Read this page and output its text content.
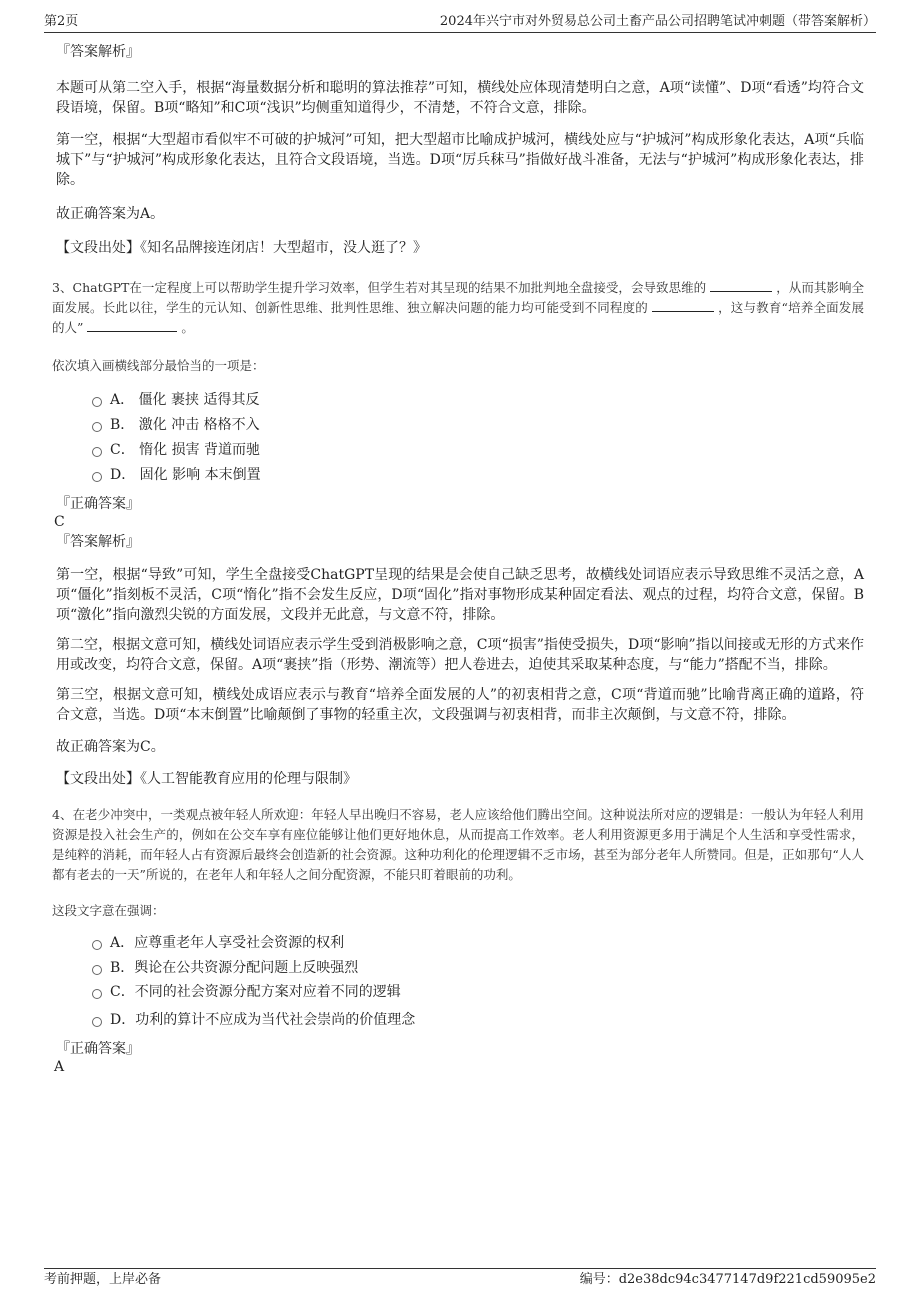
第2页	2024年兴宁市对外贸易总公司土畜产品公司招聘笔试冲刺题（带答案解析）

『答案解析』

本题可从第二空入手，根据“海量数据分析和聪明的算法推荐”可知，横线处应体现清楚明白之意，A项“读懂”、D项“看透”均符合文段语境，保留。B项“略知”和C项“浅识”均侧重知道得少，不清楚，不符合文意，排除。

第一空，根据“大型超市看似牢不可破的护城河”可知，把大型超市比喻成护城河，横线处应与“护城河”构成形象化表达，A项“兵临城下”与“护城河”构成形象化表达，且符合文段语境，当选。D项“厉兵秣马”指做好战斗准备，无法与“护城河”构成形象化表达，排除。

故正确答案为A。

【文段出处】《知名品牌接连闭店！大型超市，没人逛了？》

3、ChatGPT在一定程度上可以帮助学生提升学习效率，但学生若对其呈现的结果不加批判地全盘接受，会导致思维的	，从而其影响全面发展。长此以往，学生的元认知、创新性思维、批判性思维、独立解决问题的能力均可能受到不同程度的	，这与教育“培养全面发展的人”	。

依次填入画横线部分最恰当的一项是：

A． 僵化 裹挟 适得其反
B． 激化 冲击 格格不入
C． 惰化 损害 背道而驰
D． 固化 影响 本末倒置

『正确答案』

C

『答案解析』

第一空，根据“导致”可知，学生全盘接受ChatGPT呈现的结果是会使自己缺乏思考，故横线处词语应表示导致思维不灵活之意，A项“僵化”指刻板不灵活，C项“惰化”指不会发生反应，D项“固化”指对事物形成某种固定看法、观点的过程，均符合文意，保留。B项“激化”指向激烈尖锐的方面发展，文段并无此意，与文意不符，排除。

第二空，根据文意可知，横线处词语应表示学生受到消极影响之意，C项“损害”指使受损失，D项“影响”指以间接或无形的方式来作用或改变，均符合文意，保留。A项“裹挟”指（形势、潮流等）把人卷进去，迫使其采取某种态度，与“能力”搭配不当，排除。

第三空，根据文意可知，横线处成语应表示与教育“培养全面发展的人”的初衷相背之意，C项“背道而驰”比喻背离正确的道路，符合文意，当选。D项“本末倒置”比喻颠倒了事物的轻重主次，文段强调与初衷相背，而非主次颠倒，与文意不符，排除。

故正确答案为C。

【文段出处】《人工智能教育应用的伦理与限制》

4、在老少冲突中，一类观点被年轻人所欢迎：年轻人早出晚归不容易，老人应该给他们腾出空间。这种说法所对应的逻辑是：一般认为年轻人利用资源是投入社会生产的，例如在公交车享有座位能够让他们更好地休息，从而提高工作效率。老人利用资源更多用于满足个人生活和享受性需求，是纯粹的消耗，而年轻人占有资源后最终会创造新的社会资源。这种功利化的伦理逻辑不乏市场，甚至为部分老年人所赞同。但是，正如那句“人人都有老去的一天”所说的，在老年人和年轻人之间分配资源，不能只盯着眼前的功利。

这段文字意在强调：

A．应尊重老年人享受社会资源的权利
B．舆论在公共资源分配问题上反映强烈
C．不同的社会资源分配方案对应着不同的逻辑
D．功利的算计不应成为当代社会崇尚的价值理念

『正确答案』

A

考前押题，上岸必备	编号：d2e38dc94c3477147d9f221cd59095e2
